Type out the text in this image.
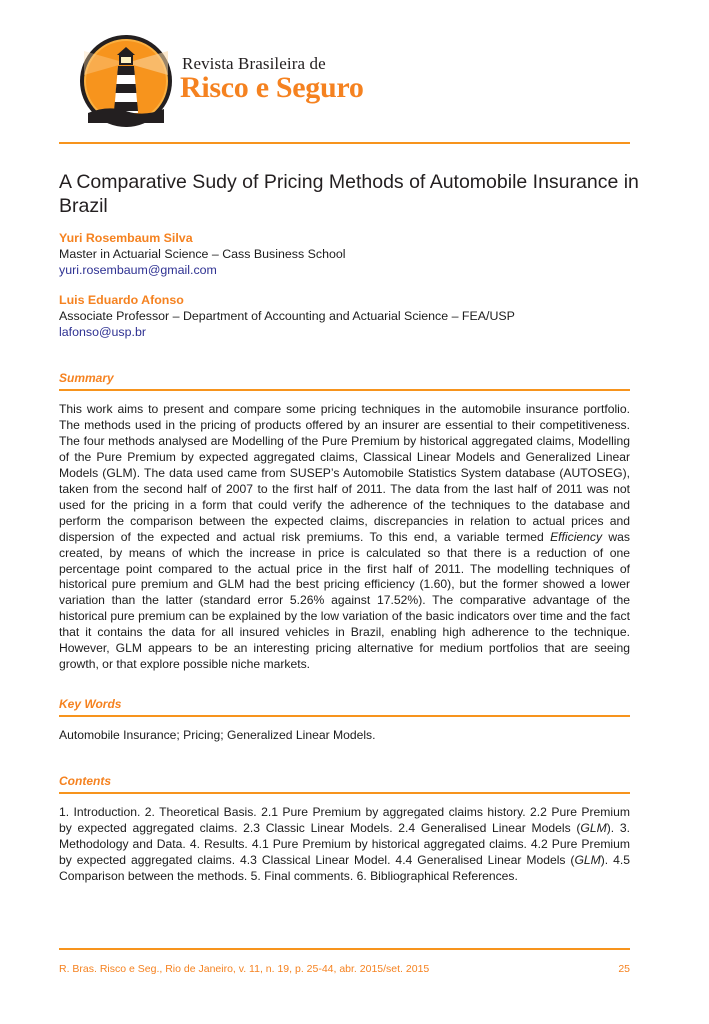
Revista Brasileira de
Risco e Seguro
A Comparative Sudy of Pricing Methods of Automobile Insurance in Brazil
Yuri Rosembaum Silva
Master in Actuarial Science – Cass Business School
yuri.rosembaum@gmail.com
Luis Eduardo Afonso
Associate Professor – Department of Accounting and Actuarial Science – FEA/USP
lafonso@usp.br
Summary

This work aims to present and compare some pricing techniques in the automobile insurance portfolio. The methods used in the pricing of products offered by an insurer are essential to their competitiveness. The four methods analysed are Modelling of the Pure Premium by historical aggregated claims, Modelling of the Pure Premium by expected aggregated claims, Classical Linear Models and Generalized Linear Models (GLM). The data used came from SUSEP’s Automobile Statistics System database (AUTOSEG), taken from the second half of 2007 to the first half of 2011. The data from the last half of 2011 was not used for the pricing in a form that could verify the adherence of the techniques to the database and perform the comparison between the expected claims, discrepancies in relation to actual prices and dispersion of the expected and actual risk premiums. To this end, a variable termed Efficiency was created, by means of which the increase in price is calculated so that there is a reduction of one percentage point compared to the actual price in the first half of 2011. The modelling techniques of historical pure premium and GLM had the best pricing efficiency (1.60), but the former showed a lower variation than the latter (standard error 5.26% against 17.52%). The comparative advantage of the historical pure premium can be explained by the low variation of the basic indicators over time and the fact that it contains the data for all insured vehicles in Brazil, enabling high adherence to the technique. However, GLM appears to be an interesting pricing alternative for medium portfolios that are seeing growth, or that explore possible niche markets.

Key Words

Automobile Insurance; Pricing; Generalized Linear Models.

Contents

1. Introduction. 2. Theoretical Basis. 2.1 Pure Premium by aggregated claims history. 2.2 Pure Premium by expected aggregated claims. 2.3 Classic Linear Models. 2.4 Generalised Linear Models (GLM). 3. Methodology and Data. 4. Results. 4.1 Pure Premium by historical aggregated claims. 4.2 Pure Premium by expected aggregated claims. 4.3 Classical Linear Model. 4.4 Generalised Linear Models (GLM). 4.5 Comparison between the methods. 5. Final comments. 6. Bibliographical References.

R. Bras. Risco e Seg., Rio de Janeiro, v. 11, n. 19, p. 25-44, abr. 2015/set. 2015	25
